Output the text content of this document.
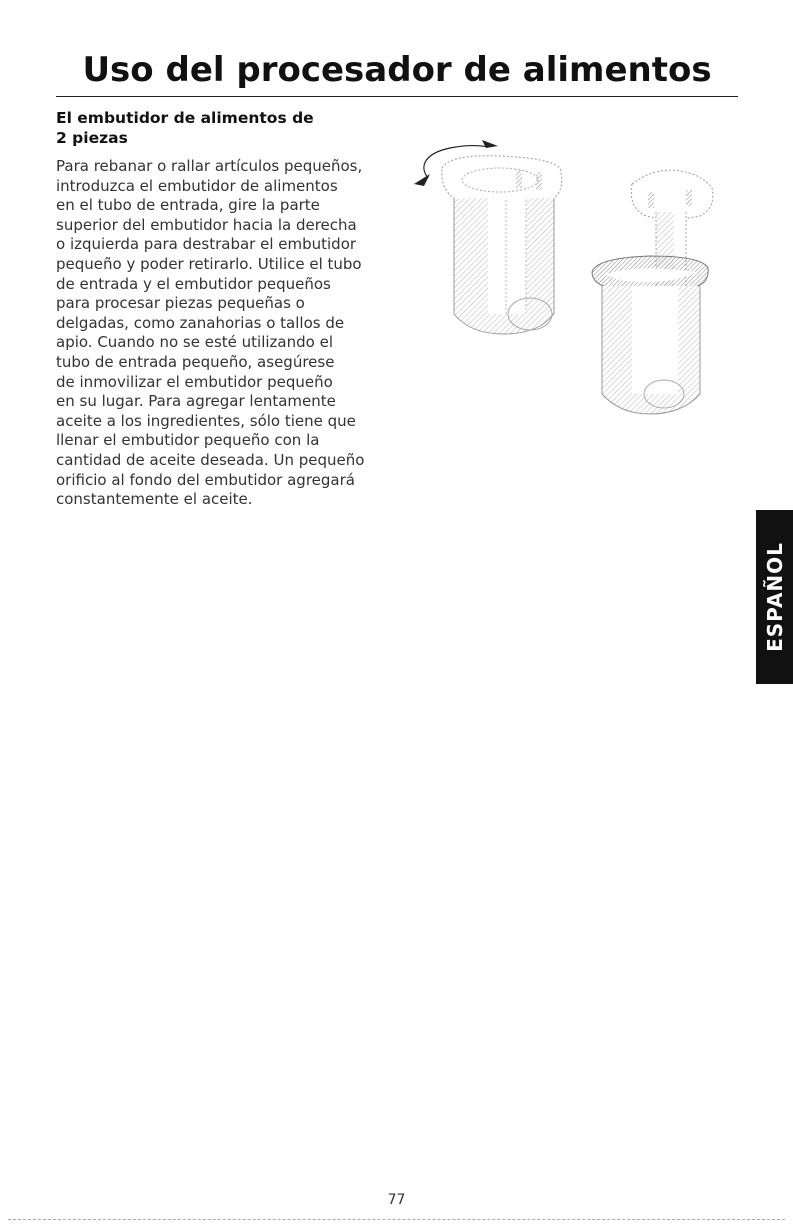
Uso del procesador de alimentos
El embutidor de alimentos de
2 piezas
Para rebanar o rallar artículos pequeños,
introduzca el embutidor de alimentos
en el tubo de entrada, gire la parte
superior del embutidor hacia la derecha
o izquierda para destrabar el embutidor
pequeño y poder retirarlo. Utilice el tubo
de entrada y el embutidor pequeños
para procesar piezas pequeñas o
delgadas, como zanahorias o tallos de
apio. Cuando no se esté utilizando el
tubo de entrada pequeño, asegúrese
de inmovilizar el embutidor pequeño
en su lugar. Para agregar lentamente
aceite a los ingredientes, sólo tiene que
llenar el embutidor pequeño con la
cantidad de aceite deseada. Un pequeño
orificio al fondo del embutidor agregará
constantemente el aceite.
ESPAÑOL
77
